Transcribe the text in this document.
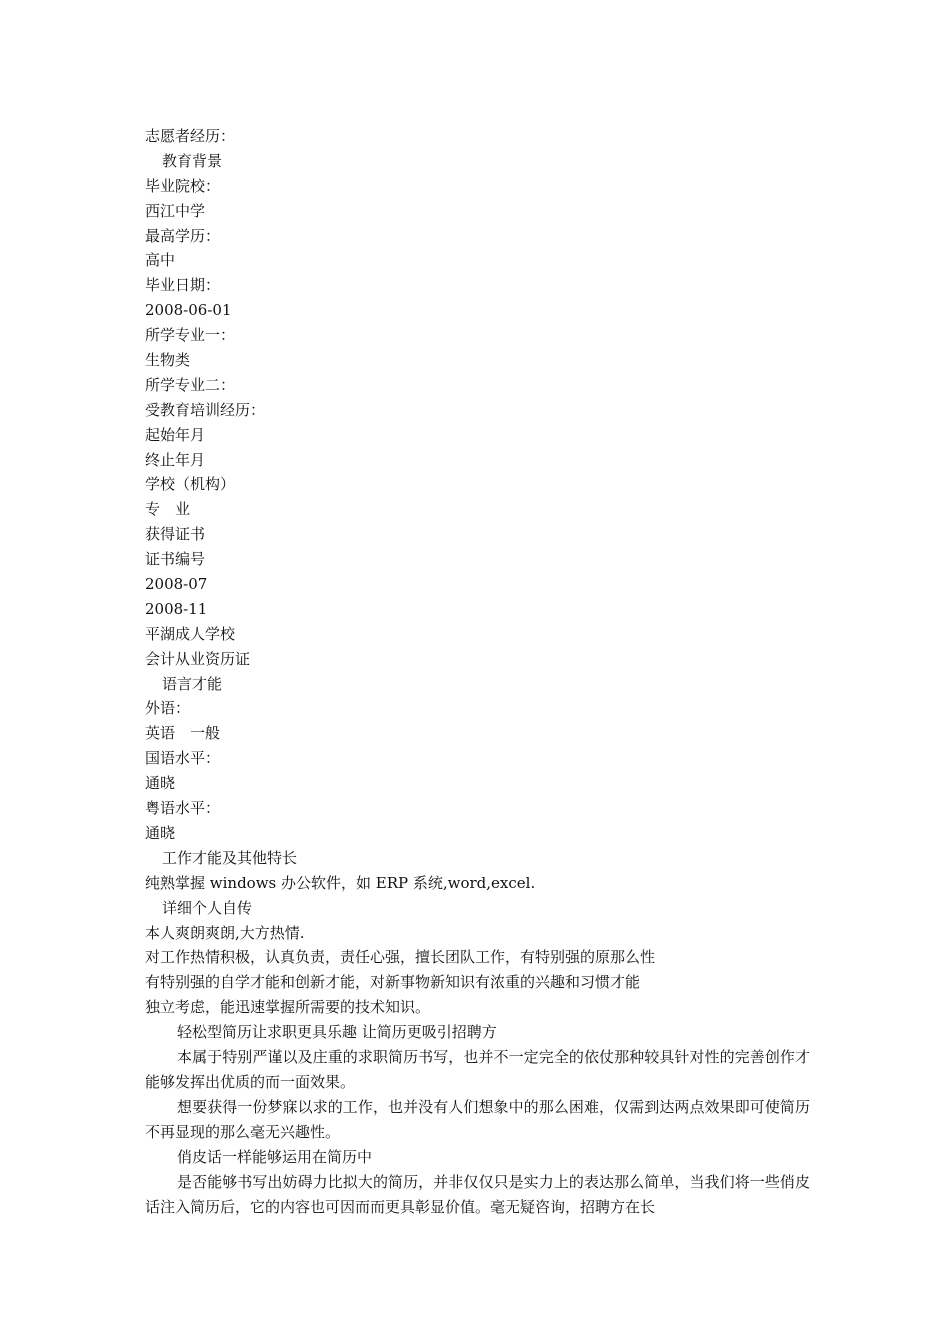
志愿者经历：

教育背景

毕业院校：

西江中学

最高学历：

高中

毕业日期：

2008-06-01

所学专业一：

生物类

所学专业二：

受教育培训经历：

起始年月

终止年月

学校（机构）

专　业

获得证书

证书编号

2008-07

2008-11

平湖成人学校

会计从业资历证

语言才能

外语：

英语　一般

国语水平：

通晓

粤语水平：

通晓

工作才能及其他特长

纯熟掌握 windows 办公软件，如 ERP 系统,word,excel.

详细个人自传

本人爽朗爽朗,大方热情.

对工作热情积极，认真负责，责任心强，擅长团队工作，有特别强的原那么性

有特别强的自学才能和创新才能，对新事物新知识有浓重的兴趣和习惯才能

独立考虑，能迅速掌握所需要的技术知识。

轻松型简历让求职更具乐趣 让简历更吸引招聘方

本属于特别严谨以及庄重的求职简历书写，也并不一定完全的依仗那种较具针对性的完善创作才能够发挥出优质的而一面效果。

想要获得一份梦寐以求的工作，也并没有人们想象中的那么困难，仅需到达两点效果即可使简历不再显现的那么毫无兴趣性。

俏皮话一样能够运用在简历中

是否能够书写出妨碍力比拟大的简历，并非仅仅只是实力上的表达那么简单，当我们将一些俏皮话注入简历后，它的内容也可因而而更具彰显价值。毫无疑咨询，招聘方在长
